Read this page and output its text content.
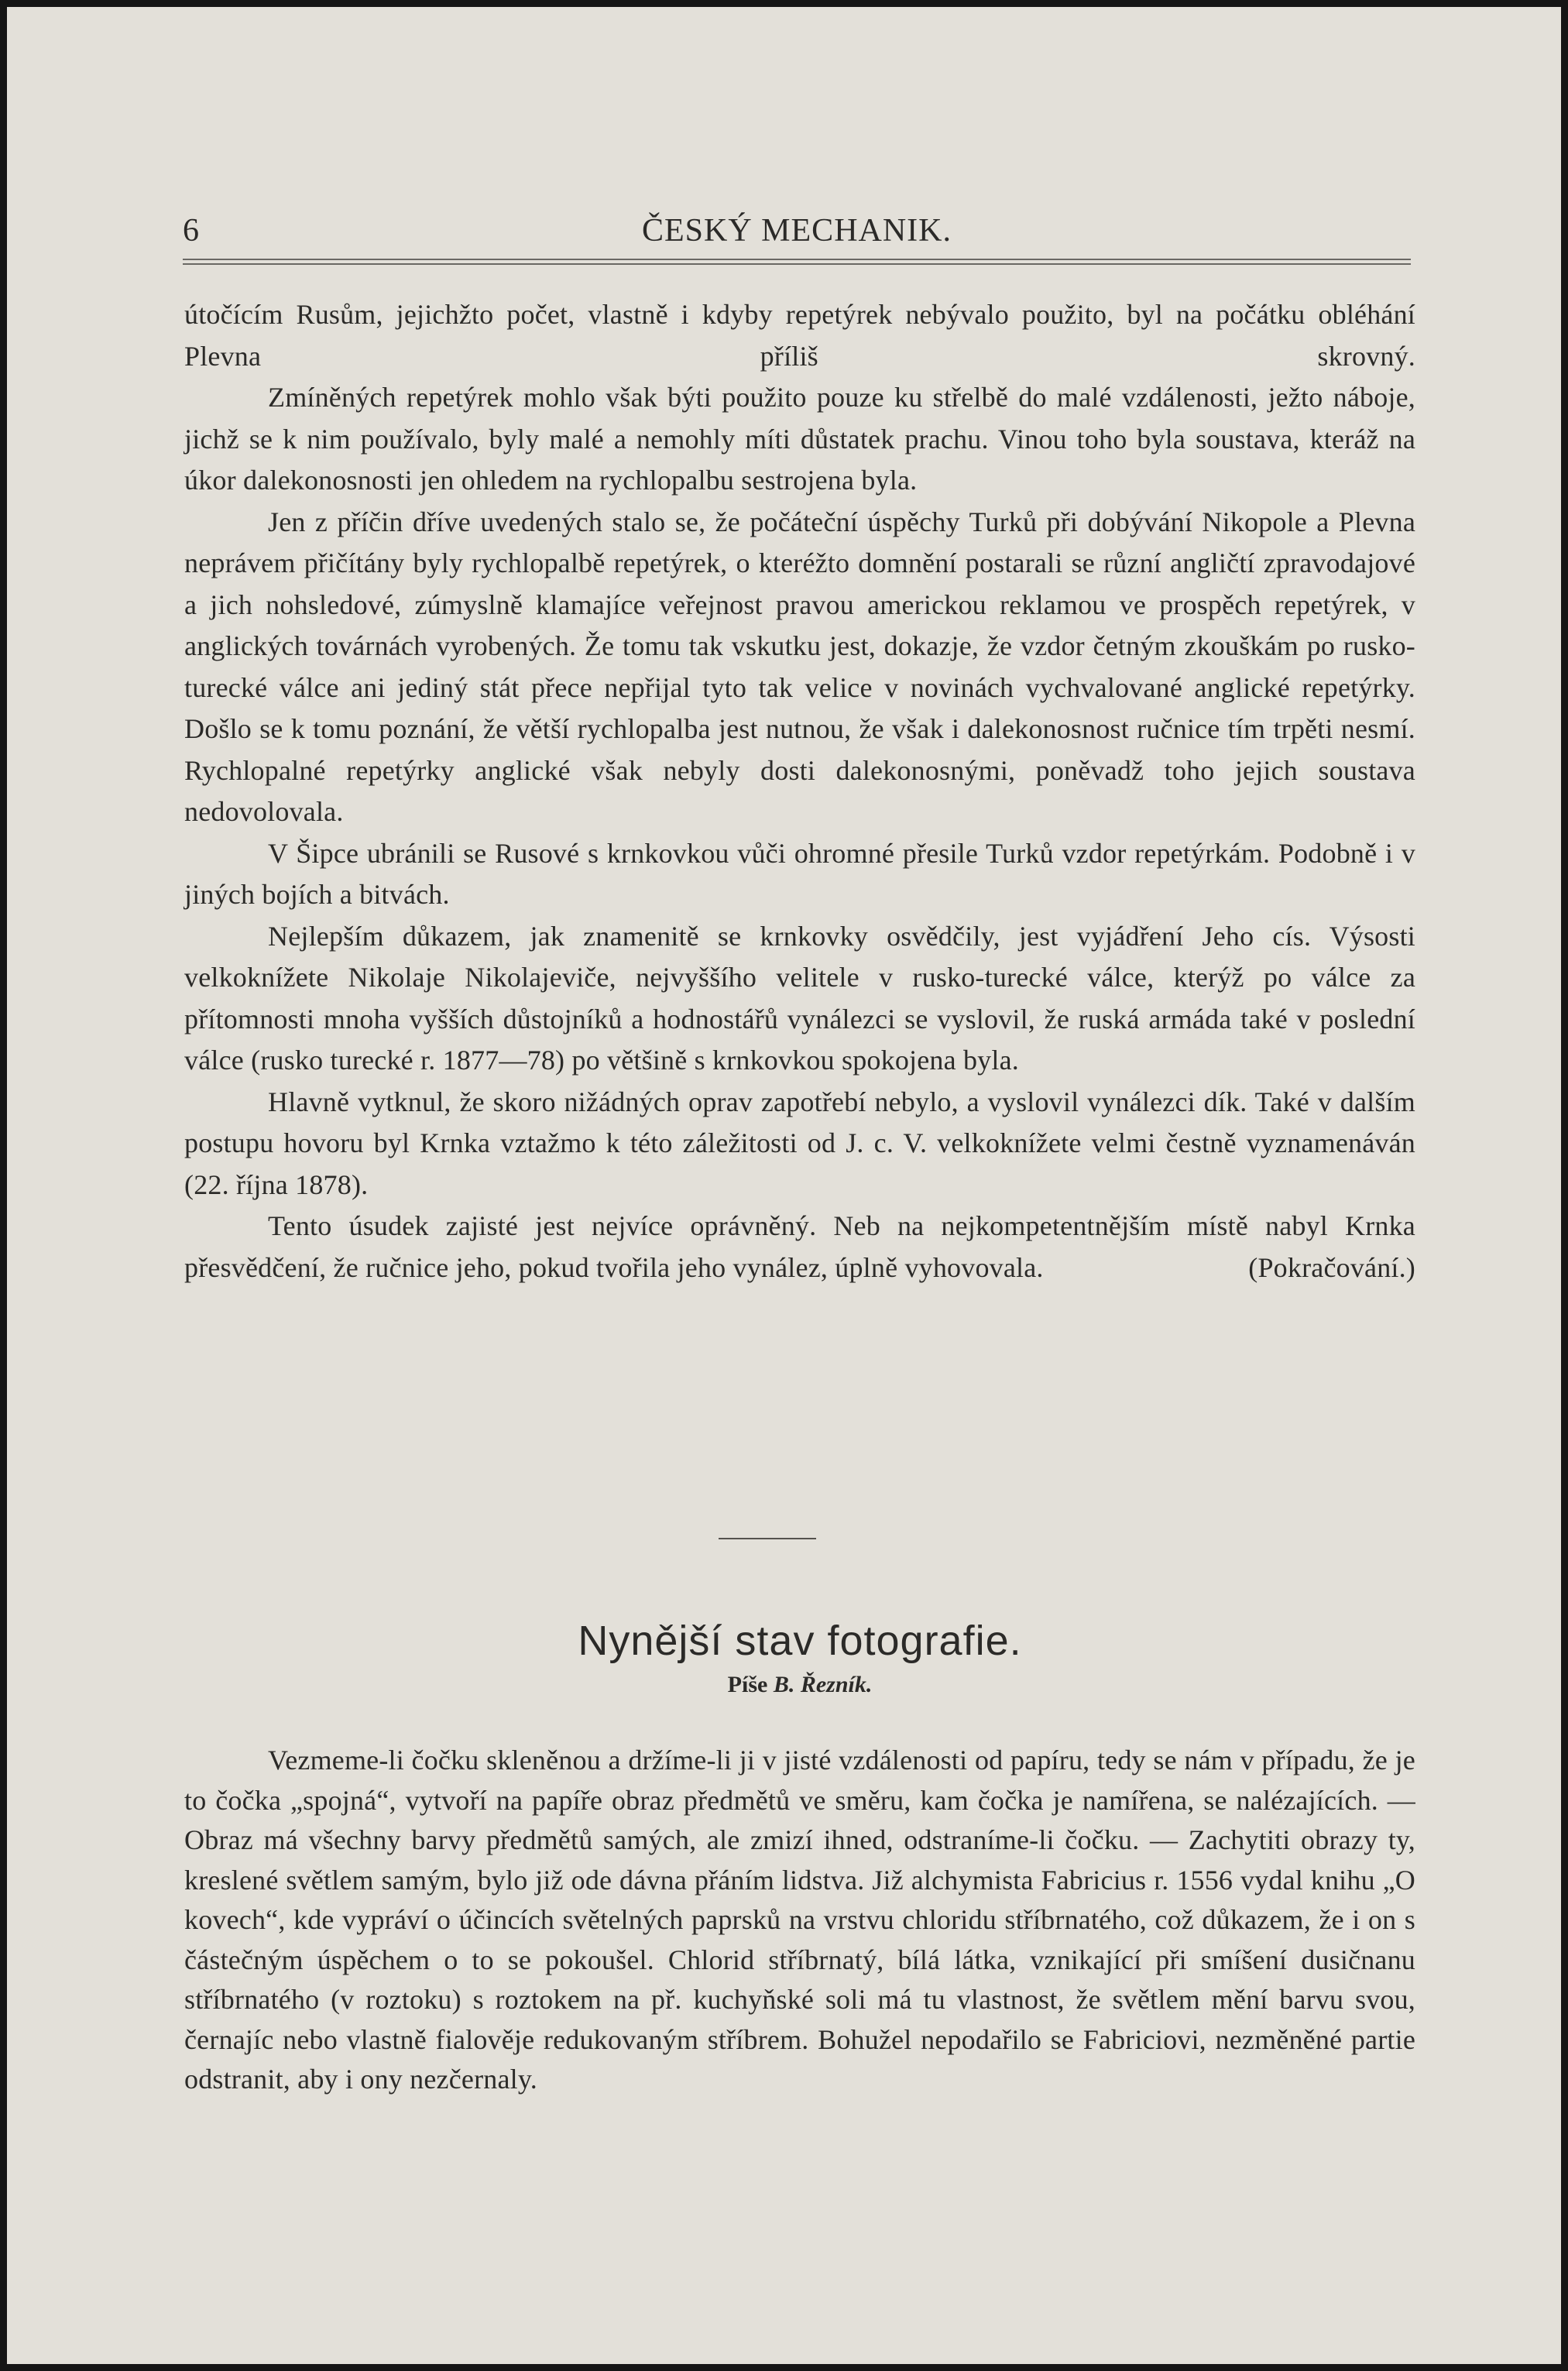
6	ČESKÝ MECHANIK.

útočícím Rusům, jejichžto počet, vlastně i kdyby repetýrek nebývalo použito, byl na počátku obléhání Plevna příliš skrovný.

Zmíněných repetýrek mohlo však býti použito pouze ku střelbě do malé vzdálenosti, ježto náboje, jichž se k nim používalo, byly malé a nemohly míti důstatek prachu. Vinou toho byla soustava, kteráž na úkor dalekonosnosti jen ohledem na rychlopalbu sestrojena byla.

Jen z příčin dříve uvedených stalo se, že počáteční úspěchy Turků při dobývání Nikopole a Plevna neprávem přičítány byly rychlopalbě repetýrek, o kteréžto domnění postarali se různí angličtí zpravodajové a jich nohsledové, zúmyslně klamajíce veřejnost pravou americkou reklamou ve prospěch repetýrek, v anglických továrnách vyrobených. Že tomu tak vskutku jest, dokazje, že vzdor četným zkouškám po rusko-turecké válce ani jediný stát přece nepřijal tyto tak velice v novinách vychvalované anglické repetýrky. Došlo se k tomu poznání, že větší rychlopalba jest nutnou, že však i dalekonosnost ručnice tím trpěti nesmí. Rychlopalné repetýrky anglické však nebyly dosti dalekonosnými, poněvadž toho jejich soustava nedovolovala.

V Šipce ubránili se Rusové s krnkovkou vůči ohromné přesile Turků vzdor repetýrkám. Podobně i v jiných bojích a bitvách.

Nejlepším důkazem, jak znamenitě se krnkovky osvědčily, jest vyjádření Jeho cís. Výsosti velkoknížete Nikolaje Nikolajeviče, nejvyššího velitele v rusko-turecké válce, kterýž po válce za přítomnosti mnoha vyšších důstojníků a hodnostářů vynálezci se vyslovil, že ruská armáda také v poslední válce (rusko turecké r. 1877—78) po většině s krnkovkou spokojena byla.

Hlavně vytknul, že skoro nižádných oprav zapotřebí nebylo, a vyslovil vynálezci dík. Také v dalším postupu hovoru byl Krnka vztažmo k této záležitosti od J. c. V. velkoknížete velmi čestně vyznamenáván (22. října 1878).

Tento úsudek zajisté jest nejvíce oprávněný. Neb na nejkompetentnějším místě nabyl Krnka přesvědčení, že ručnice jeho, pokud tvořila jeho vynález, úplně vyhovovala.	(Pokračování.)

Nynější stav fotografie.
Píše B. Řezník.

Vezmeme-li čočku skleněnou a držíme-li ji v jisté vzdálenosti od papíru, tedy se nám v případu, že je to čočka „spojná“, vytvoří na papíře obraz předmětů ve směru, kam čočka je namířena, se nalézajících. — Obraz má všechny barvy předmětů samých, ale zmizí ihned, odstraníme-li čočku. — Zachytiti obrazy ty, kreslené světlem samým, bylo již ode dávna přáním lidstva. Již alchymista Fabricius r. 1556 vydal knihu „O kovech“, kde vypráví o účincích světelných paprsků na vrstvu chloridu stříbrnatého, což důkazem, že i on s částečným úspěchem o to se pokoušel. Chlorid stříbrnatý, bílá látka, vznikající při smíšení dusičnanu stříbrnatého (v roztoku) s roztokem na př. kuchyňské soli má tu vlastnost, že světlem mění barvu svou, černajíc nebo vlastně fialověje redukovaným stříbrem. Bohužel nepodařilo se Fabriciovi, nezměněné partie odstranit, aby i ony nezčernaly.
